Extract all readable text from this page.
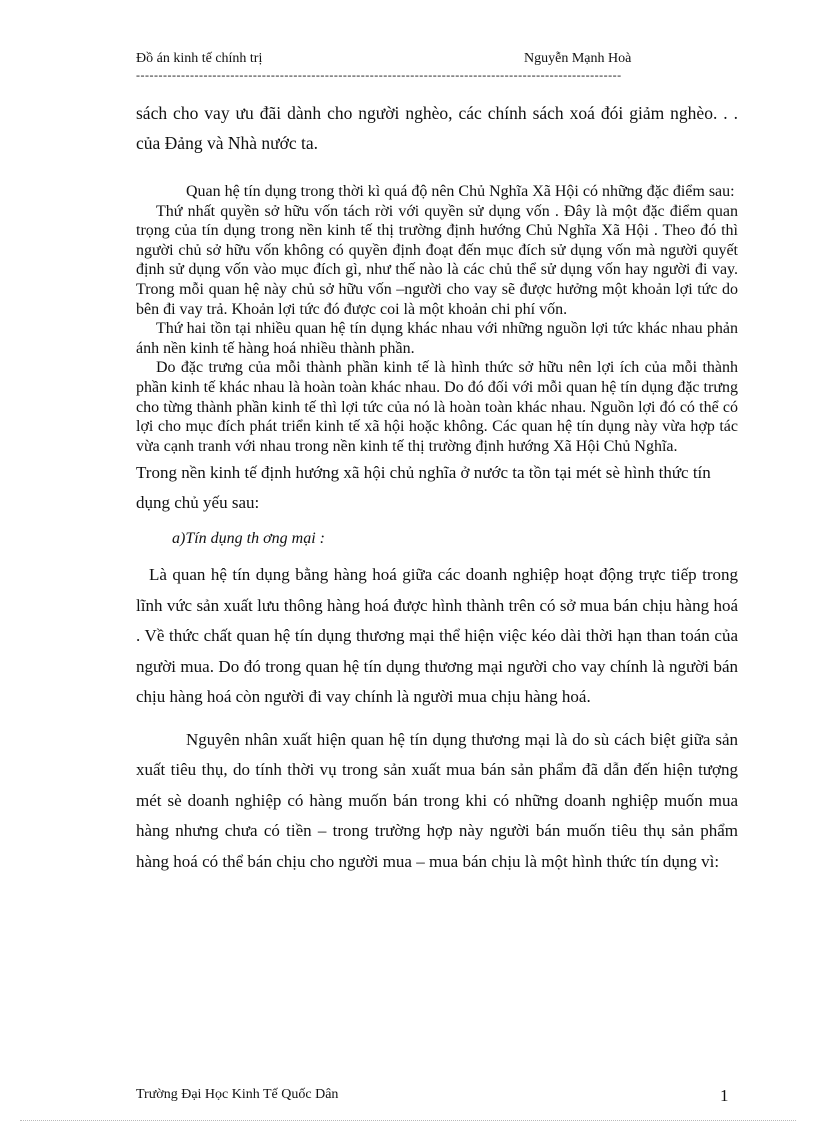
Đồ án kinh tế chính trị	Nguyễn Mạnh Hoà
------------------------------------------------------------------------------------------------------------

sách cho vay ưu đãi dành cho người nghèo, các chính sách xoá đói giảm nghèo. . . của Đảng và Nhà nước ta.

Quan hệ tín dụng trong thời kì quá độ nên Chủ Nghĩa Xã Hội có những đặc điểm sau:

Thứ nhất quyền sở hữu vốn tách rời với quyền sử dụng vốn . Đây là một đặc điểm quan trọng của tín dụng trong nền kinh tế thị trường định hướng Chủ Nghĩa Xã Hội . Theo đó thì người chủ sở hữu vốn không có quyền định đoạt đến mục đích sử dụng vốn mà người quyết định sử dụng vốn vào mục đích gì, như thế nào là các chủ thể sử dụng vốn hay người đi vay. Trong mỗi quan hệ này chủ sở hữu vốn –người cho vay sẽ được hưởng một khoản lợi tức do bên đi vay trả. Khoản lợi tức đó được coi là một khoản chi phí vốn.

Thứ hai tồn tại nhiều quan hệ tín dụng khác nhau với những nguồn lợi tức khác nhau phản ánh nền kinh tế hàng hoá nhiều thành phần.

Do đặc trưng của mỗi thành phần kinh tế là hình thức sở hữu nên lợi ích của mỗi thành phần kinh tế khác nhau là hoàn toàn khác nhau. Do đó đối với mỗi quan hệ tín dụng đặc trưng cho từng thành phần kinh tế thì lợi tức của nó là hoàn toàn khác nhau. Nguồn lợi đó có thể có lợi cho mục đích phát triển kinh tế xã hội hoặc không. Các quan hệ tín dụng này vừa hợp tác vừa cạnh tranh với nhau trong nền kinh tế thị trường định hướng Xã Hội Chủ Nghĩa.

Trong nền kinh tế định hướng xã hội chủ nghĩa ở nước ta tồn tại mét sè hình thức tín dụng chủ yếu sau:

a)Tín dụng th ơng mại :

Là quan hệ tín dụng bằng hàng hoá giữa các doanh nghiệp hoạt động trực tiếp trong lĩnh vức sản xuất lưu thông hàng hoá được hình thành trên có sở mua bán chịu hàng hoá . Về thức chất quan hệ tín dụng thương mại thể hiện việc kéo dài thời hạn than toán của người mua. Do đó trong quan hệ tín dụng thương mại người cho vay chính là người bán chịu hàng hoá còn người đi vay chính là người mua chịu hàng hoá.

Nguyên nhân xuất hiện quan hệ tín dụng thương mại là do sù cách biệt giữa sản xuất tiêu thụ, do tính thời vụ trong sản xuất mua bán sản phẩm đã dẫn đến hiện tượng mét sè doanh nghiệp có hàng muốn bán trong khi có những doanh nghiệp muốn mua hàng nhưng chưa có tiền – trong trường hợp này người bán muốn tiêu thụ sản phẩm hàng hoá có thể bán chịu cho người mua – mua bán chịu là một hình thức tín dụng vì:

Trường Đại Học Kinh Tế Quốc Dân	1
